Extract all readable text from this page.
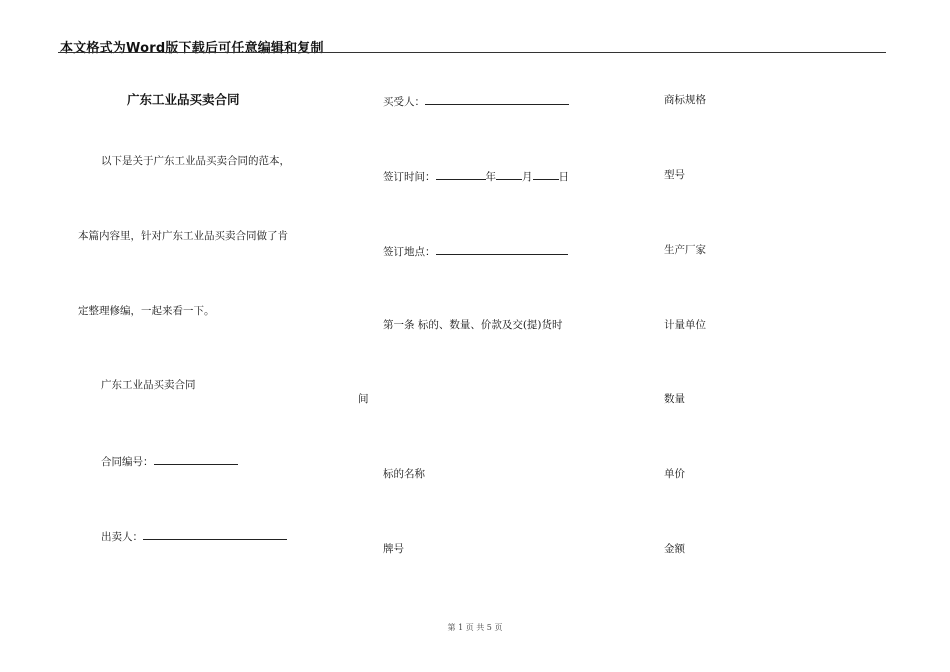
本文格式为Word版下载后可任意编辑和复制
广东工业品买卖合同
以下是关于广东工业品买卖合同的范本，
本篇内容里，针对广东工业品买卖合同做了肯
定整理修编，一起来看一下。
广东工业品买卖合同
合同编号：
出卖人：
买受人：
签订时间：	年 月 日
签订地点：
第一条 标的、数量、价款及交(提)货时
间
标的名称
牌号
商标规格
型号
生产厂家
计量单位
数量
单价
金额
第 1 页 共 5 页
